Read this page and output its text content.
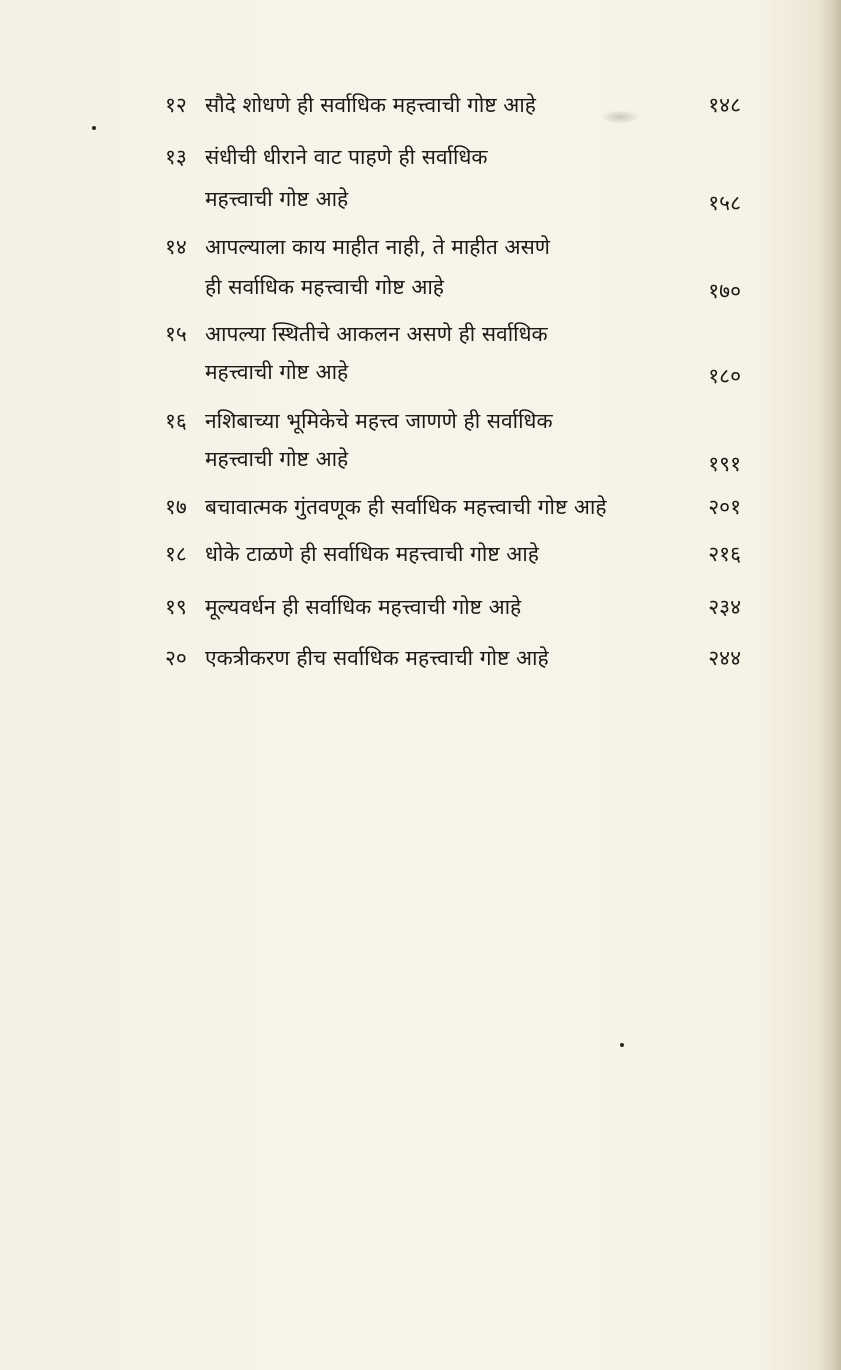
१२ सौदे शोधणे ही सर्वाधिक महत्त्वाची गोष्ट आहे	१४८
१३ संधीची धीराने वाट पाहणे ही सर्वाधिक
महत्त्वाची गोष्ट आहे	१५८
१४ आपल्याला काय माहीत नाही, ते माहीत असणे
ही सर्वाधिक महत्त्वाची गोष्ट आहे	१७०
१५ आपल्या स्थितीचे आकलन असणे ही सर्वाधिक
महत्त्वाची गोष्ट आहे	१८०
१६ नशिबाच्या भूमिकेचे महत्त्व जाणणे ही सर्वाधिक
महत्त्वाची गोष्ट आहे	१९१
१७ बचावात्मक गुंतवणूक ही सर्वाधिक महत्त्वाची गोष्ट आहे	२०१
१८ धोके टाळणे ही सर्वाधिक महत्त्वाची गोष्ट आहे	२१६
१९ मूल्यवर्धन ही सर्वाधिक महत्त्वाची गोष्ट आहे	२३४
२० एकत्रीकरण हीच सर्वाधिक महत्त्वाची गोष्ट आहे	२४४
